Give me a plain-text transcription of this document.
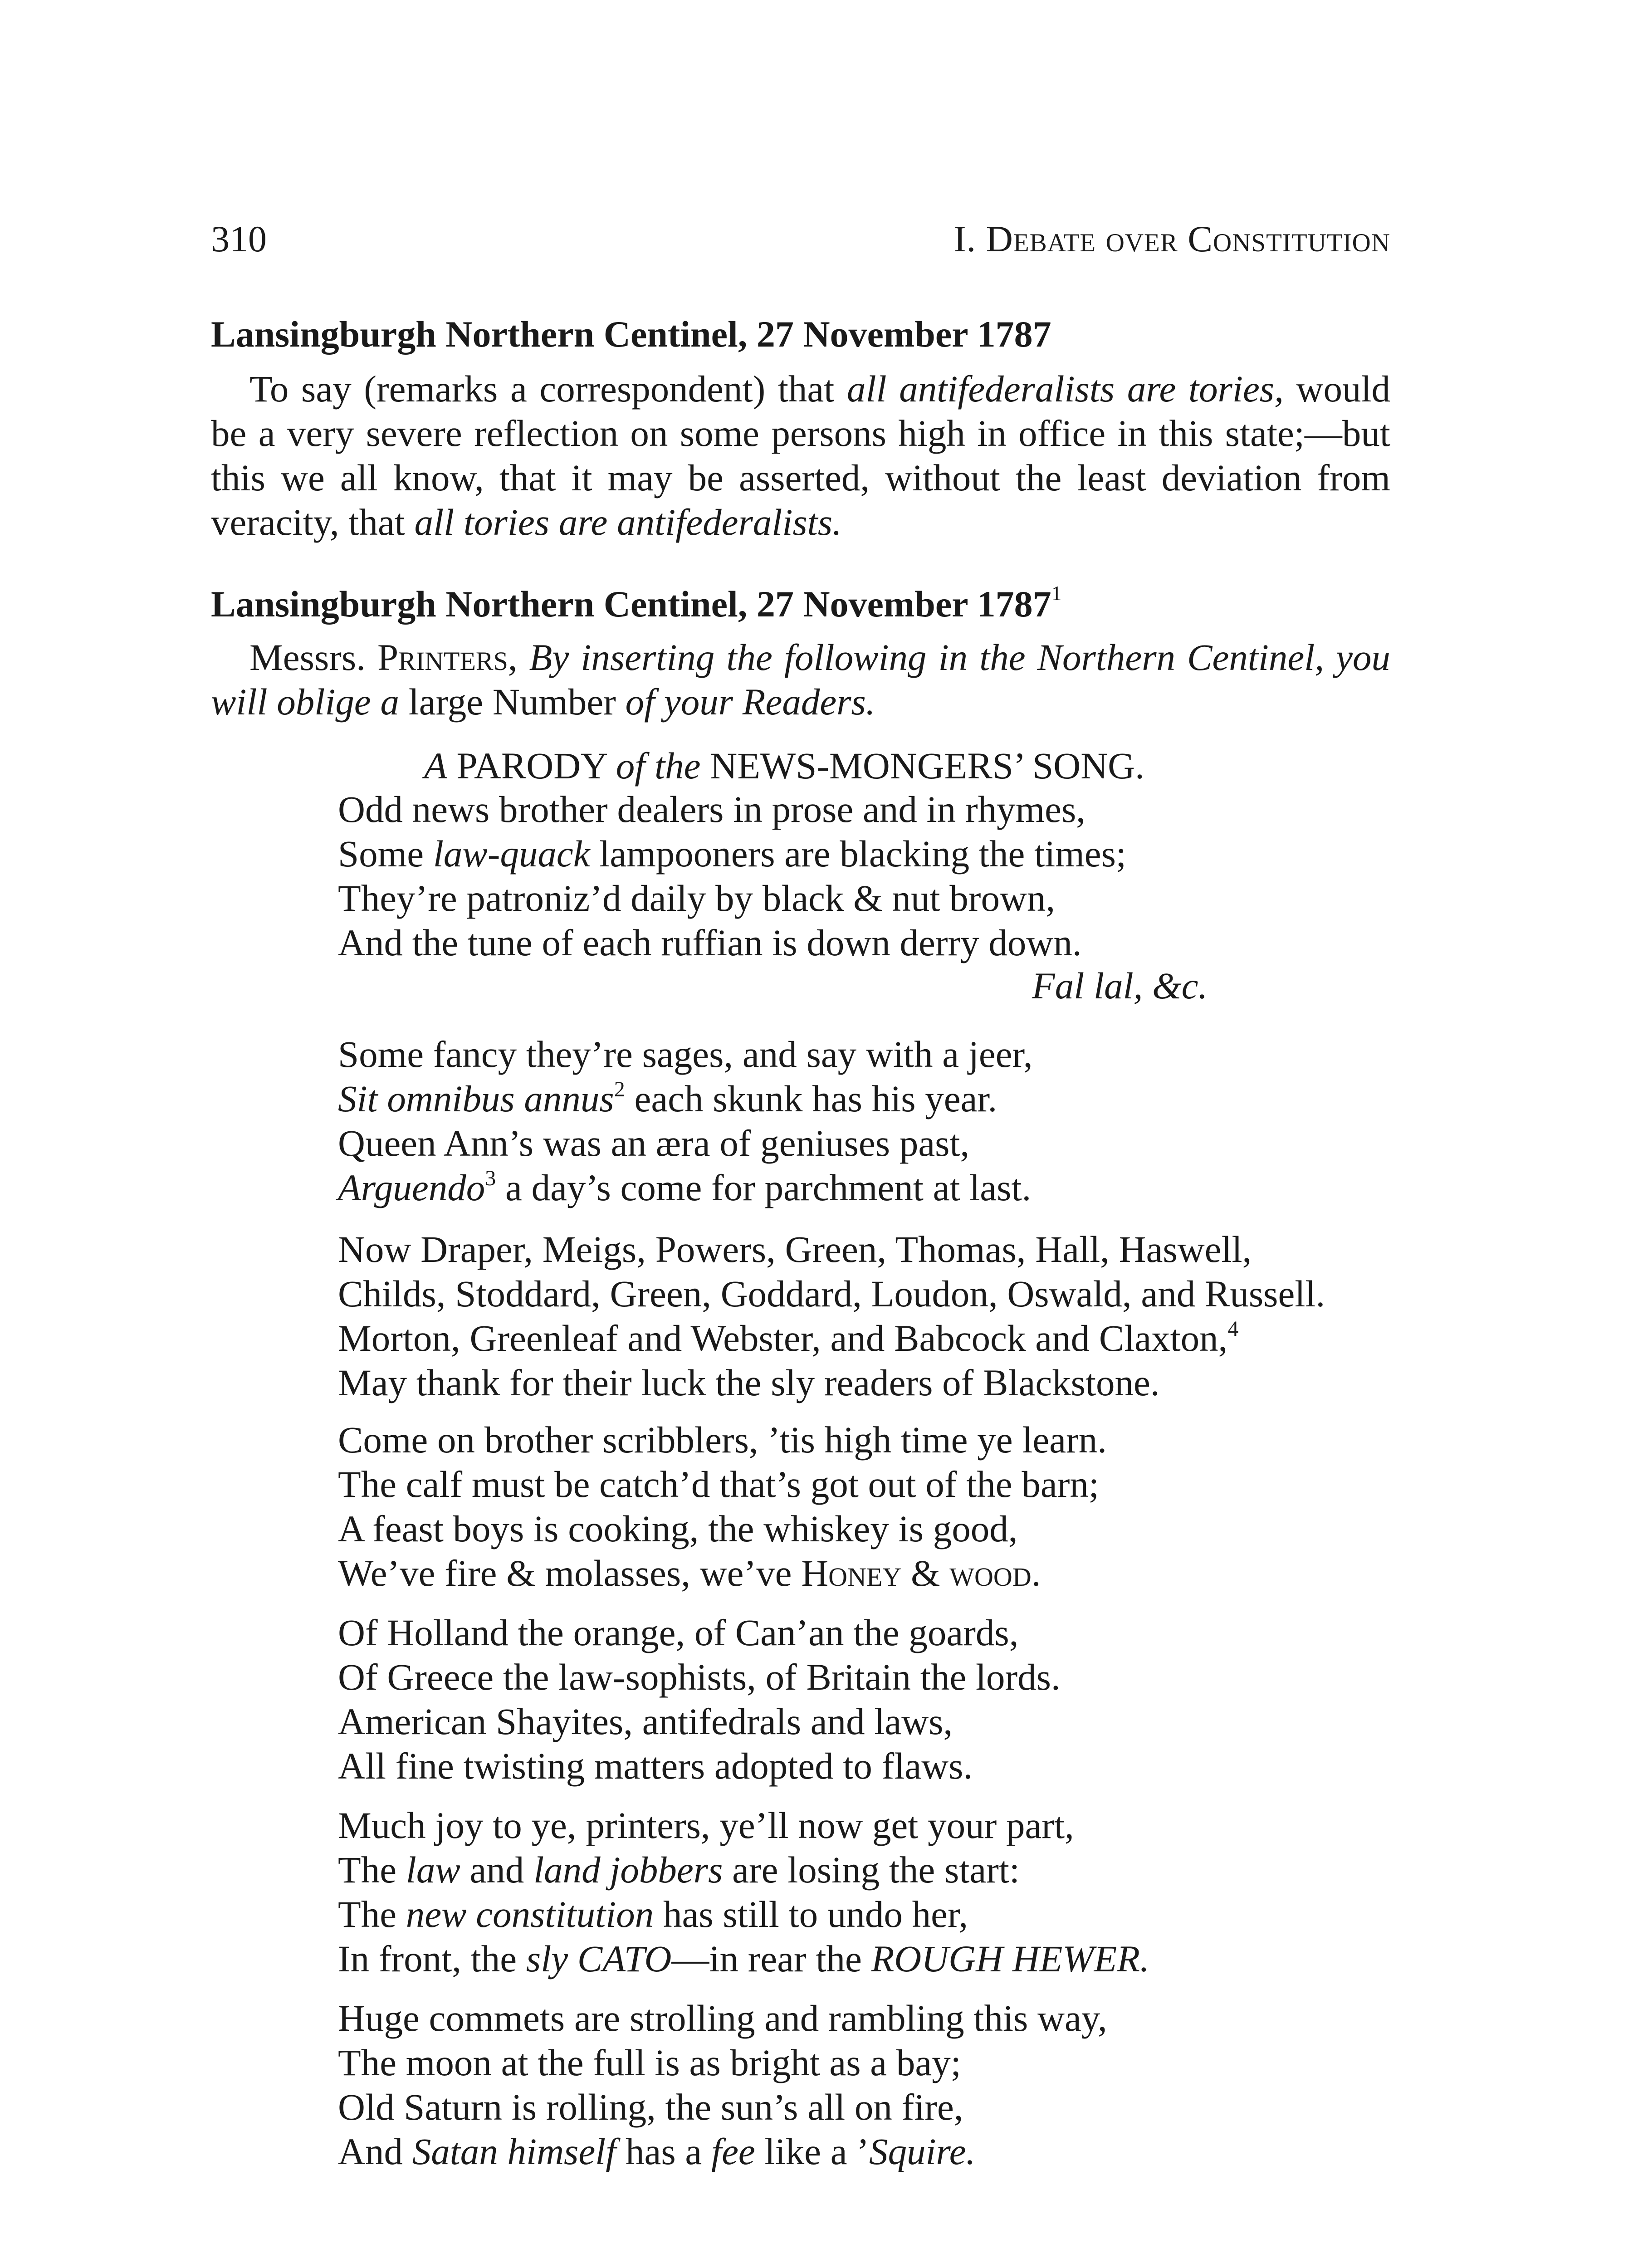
310	I. Debate over Constitution
Lansingburgh Northern Centinel, 27 November 1787
To say (remarks a correspondent) that all antifederalists are tories, would be a very severe reflection on some persons high in office in this state;—but this we all know, that it may be asserted, without the least deviation from veracity, that all tories are antifederalists.
Lansingburgh Northern Centinel, 27 November 1787$^1$
Messrs. Printers, By inserting the following in the Northern Centinel, you will oblige a large Number of your Readers.
A PARODY of the NEWS-MONGERS’ SONG.
Odd news brother dealers in prose and in rhymes,
Some law-quack lampooners are blacking the times;
They’re patroniz’d daily by black & nut brown,
And the tune of each ruffian is down derry down.
Fal lal, &c.
Some fancy they’re sages, and say with a jeer,
Sit omnibus annus$^2$ each skunk has his year.
Queen Ann’s was an æra of geniuses past,
Arguendo$^3$ a day’s come for parchment at last.
Now Draper, Meigs, Powers, Green, Thomas, Hall, Haswell,
Childs, Stoddard, Green, Goddard, Loudon, Oswald, and Russell.
Morton, Greenleaf and Webster, and Babcock and Claxton,$^4$
May thank for their luck the sly readers of Blackstone.
Come on brother scribblers, ’tis high time ye learn.
The calf must be catch’d that’s got out of the barn;
A feast boys is cooking, the whiskey is good,
We’ve fire & molasses, we’ve Honey & wood.
Of Holland the orange, of Can’an the goards,
Of Greece the law-sophists, of Britain the lords.
American Shayites, antifedrals and laws,
All fine twisting matters adopted to flaws.
Much joy to ye, printers, ye’ll now get your part,
The law and land jobbers are losing the start:
The new constitution has still to undo her,
In front, the sly CATO—in rear the ROUGH HEWER.
Huge commets are strolling and rambling this way,
The moon at the full is as bright as a bay;
Old Saturn is rolling, the sun’s all on fire,
And Satan himself has a fee like a ’Squire.
